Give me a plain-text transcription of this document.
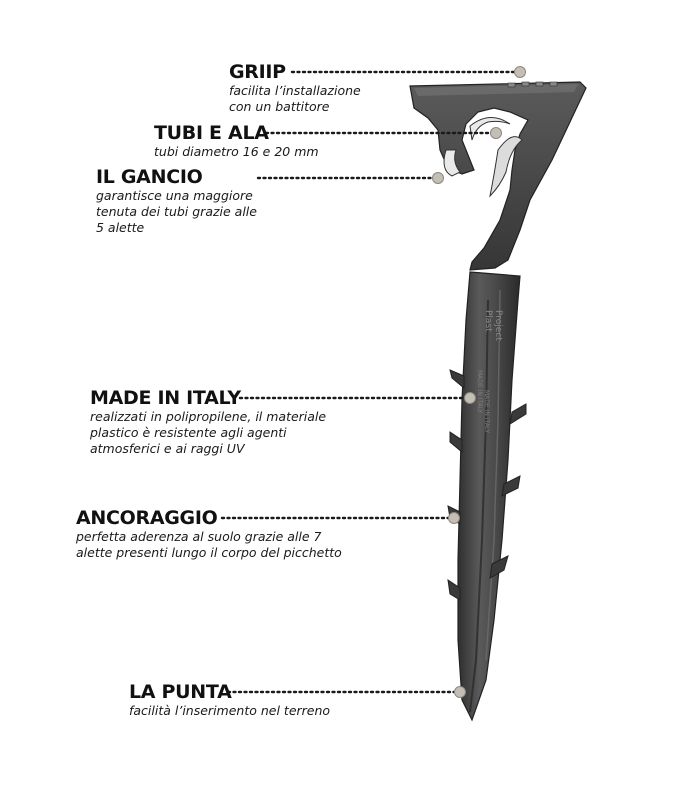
Plast Project
MADE IN ITALY MADE IN ITALY
GRIIP
facilita l’installazione
con un battitore
TUBI E ALA
tubi diametro 16 e 20 mm
IL GANCIO
garantisce una maggiore
tenuta dei tubi grazie alle
5 alette
MADE IN ITALY
realizzati in polipropilene, il materiale
plastico è resistente agli agenti
atmosferici e ai raggi UV
ANCORAGGIO
perfetta aderenza al suolo grazie alle 7
alette presenti lungo il corpo del picchetto
LA PUNTA
facilità l’inserimento nel terreno
